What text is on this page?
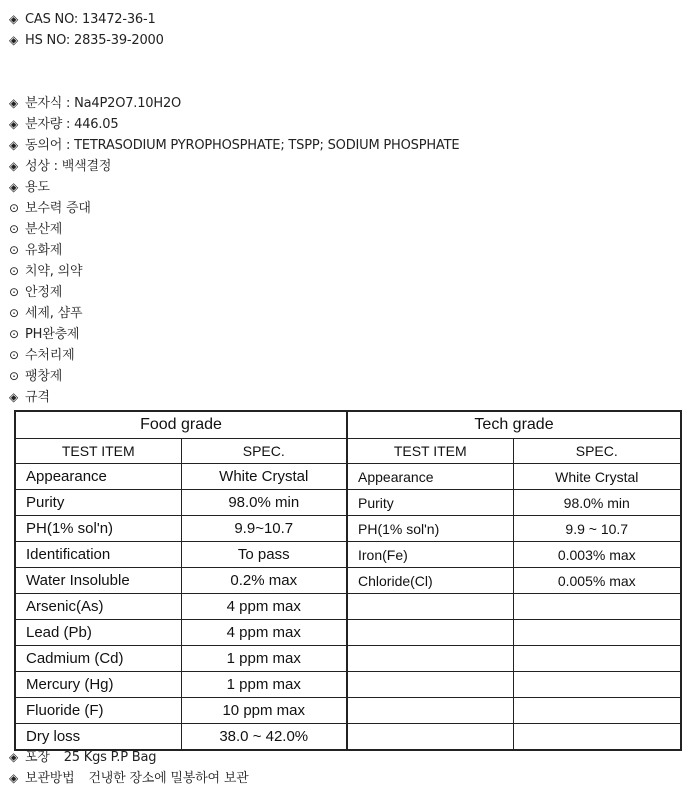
◈ CAS NO: 13472-36-1
◈ HS NO: 2835-39-2000
◈ 분자식 : Na4P2O7.10H2O
◈ 분자량 : 446.05
◈ 동의어 : TETRASODIUM PYROPHOSPHATE; TSPP; SODIUM PHOSPHATE
◈ 성상 : 백색결정
◈ 용도
⊙ 보수력 증대
⊙ 분산제
⊙ 유화제
⊙ 치약, 의약
⊙ 안정제
⊙ 세제, 샴푸
⊙ PH완충제
⊙ 수처리제
⊙ 팽창제
◈ 규격
Food grade		Tech grade	
TEST ITEM	SPEC.	TEST ITEM	SPEC.
Appearance	White Crystal	Appearance	White Crystal
Purity	98.0% min	Purity	98.0% min
PH(1% sol'n)	9.9~10.7	PH(1% sol'n)	9.9 ~ 10.7
Identification	To pass	Iron(Fe)	0.003% max
Water Insoluble	0.2% max	Chloride(Cl)	0.005% max
Arsenic(As)	4 ppm max		
Lead (Pb)	4 ppm max		
Cadmium (Cd)	1 ppm max		
Mercury (Hg)	1 ppm max		
Fluoride (F)	10 ppm max		
Dry loss	38.0 ~ 42.0%		
◈ 포장 25 Kgs P.P Bag
◈ 보관방법 건냉한 장소에 밀봉하여 보관
